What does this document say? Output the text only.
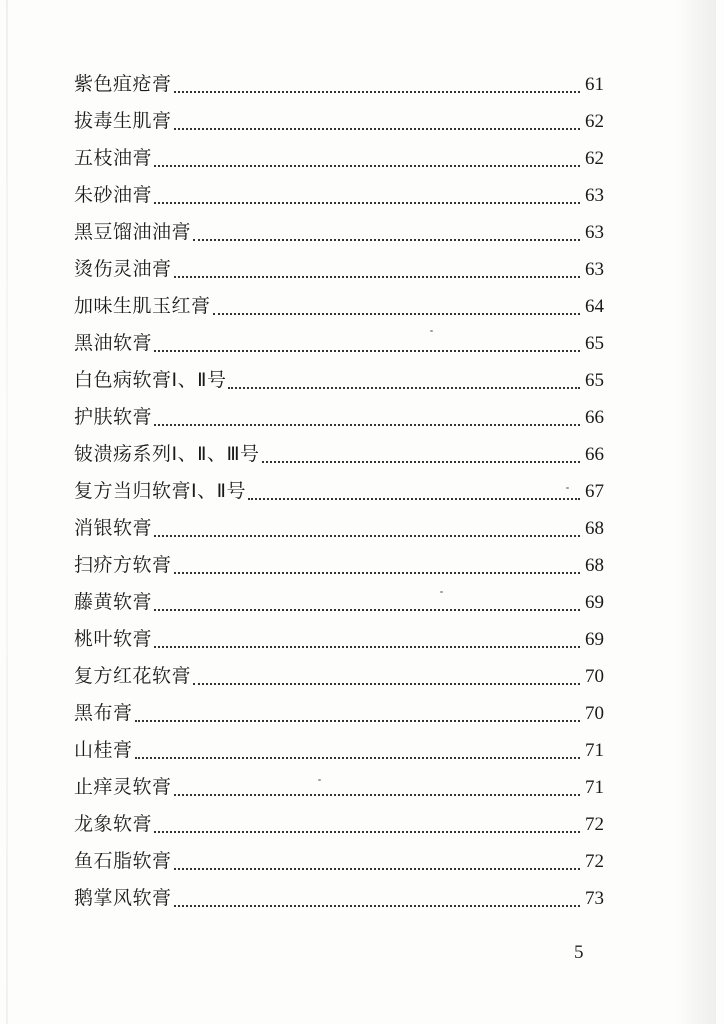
紫色疽疮膏	61
拔毒生肌膏	62
五枝油膏	62
朱砂油膏	63
黑豆馏油油膏	63
烫伤灵油膏	63
加味生肌玉红膏	64
黑油软膏	65
白色病软膏Ⅰ、Ⅱ号	65
护肤软膏	66
铍溃疡系列Ⅰ、Ⅱ、Ⅲ号	66
复方当归软膏Ⅰ、Ⅱ号	67
消银软膏	68
扫疥方软膏	68
藤黄软膏	69
桃叶软膏	69
复方红花软膏	70
黑布膏	70
山桂膏	71
止痒灵软膏	71
龙象软膏	72
鱼石脂软膏	72
鹅掌风软膏	73
5
